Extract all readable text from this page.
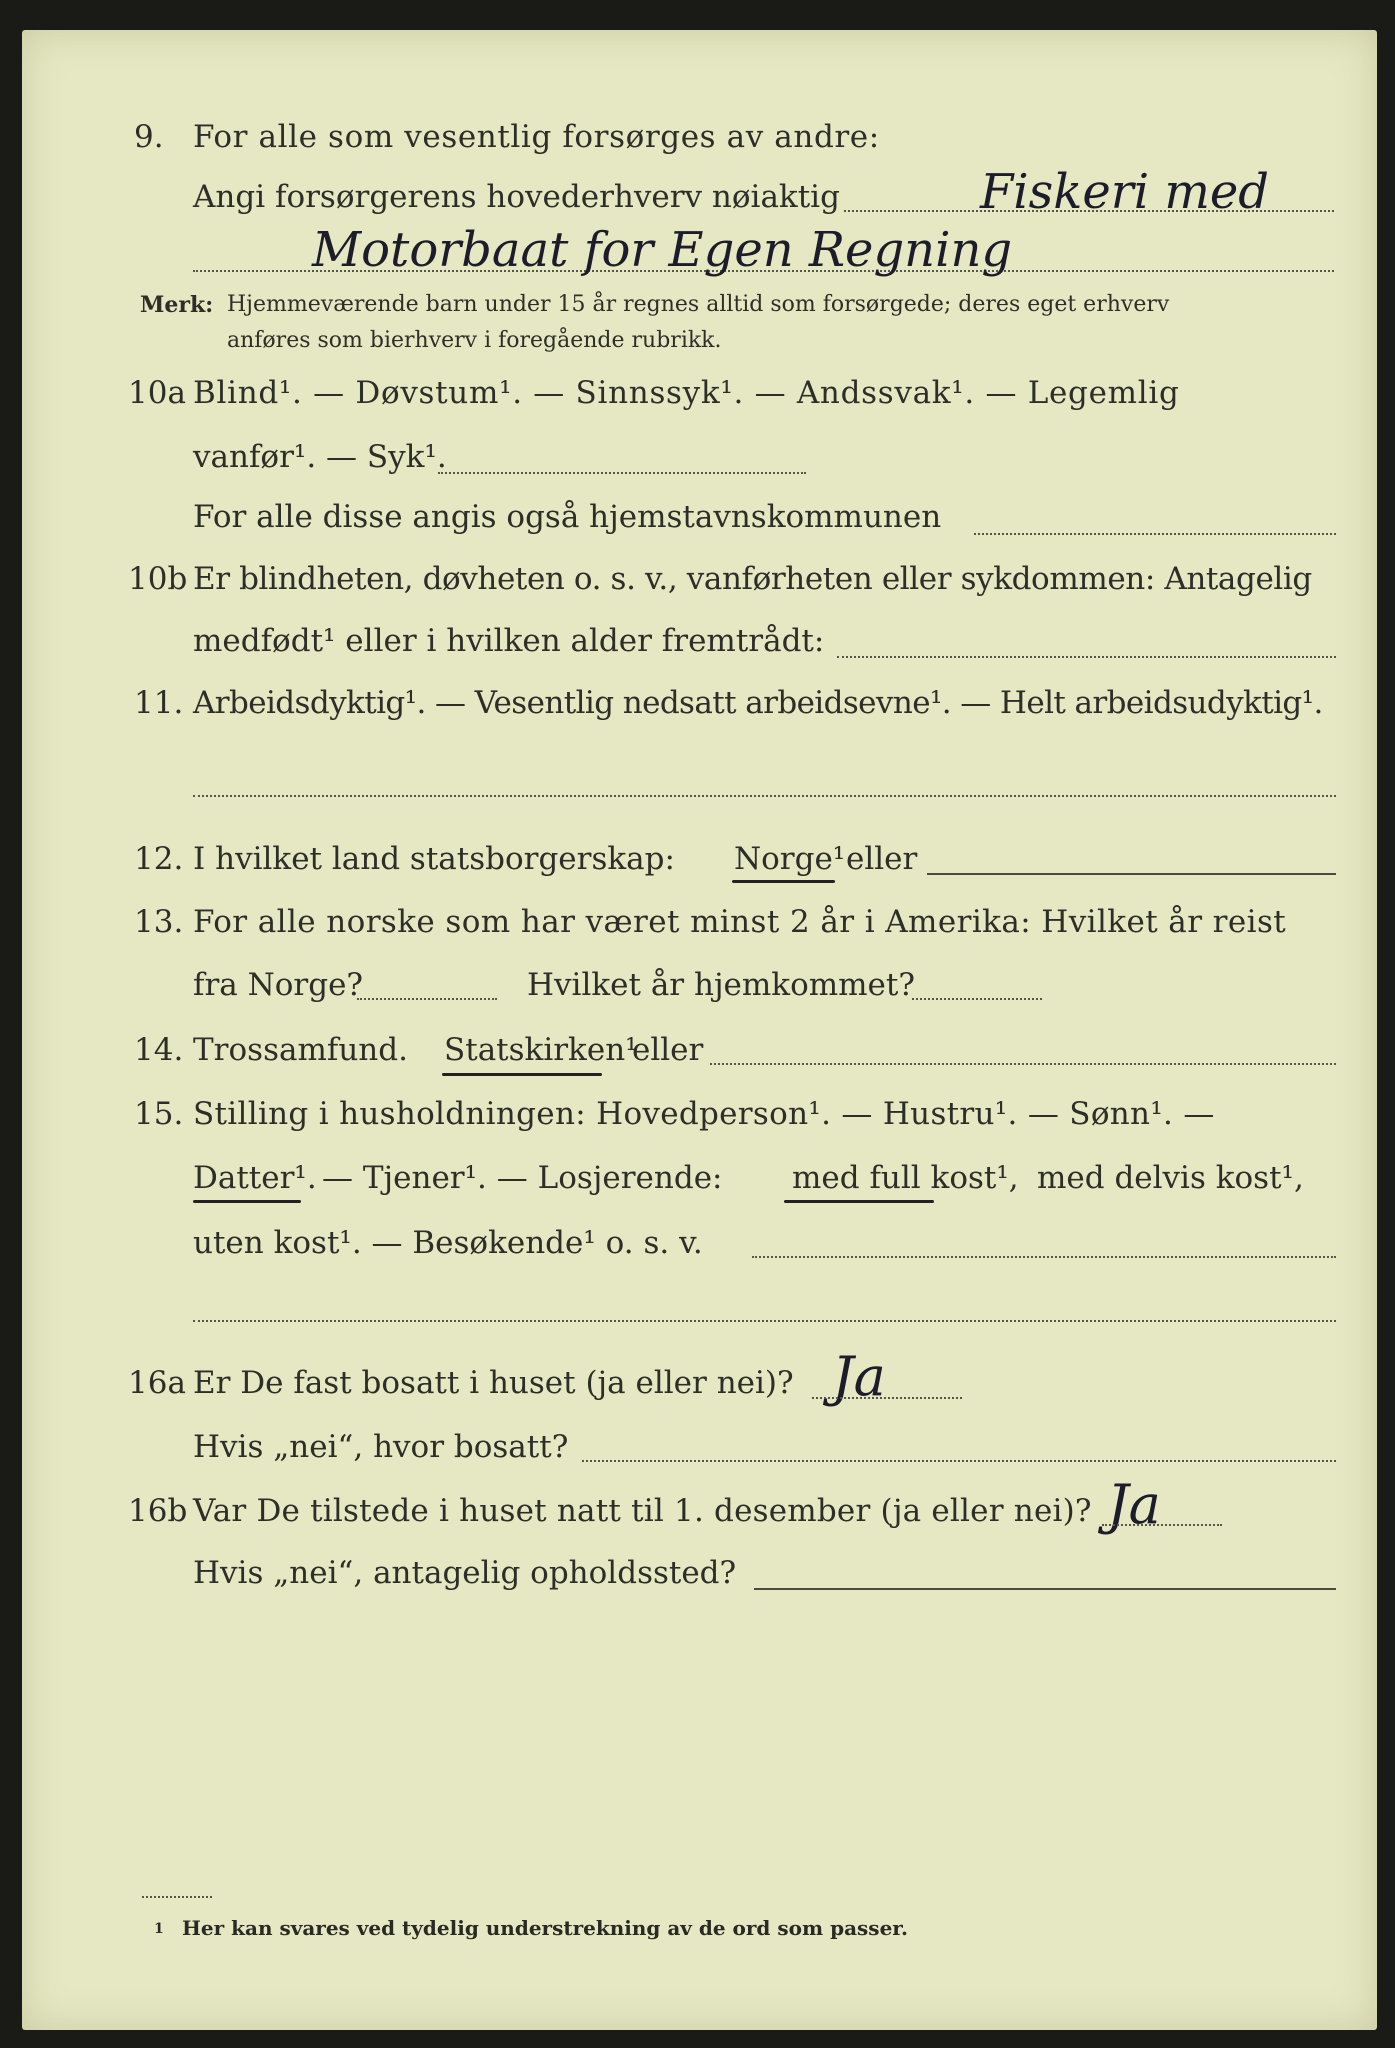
9. For alle som vesentlig forsørges av andre:
Angi forsørgerens hovederhverv nøiaktig	Fiskeri med
Motorbaat for Egen Regning
Merk: Hjemmeværende barn under 15 år regnes alltid som forsørgede; deres eget erhverv
anføres som bierhverv i foregående rubrikk.
10a Blind¹. — Døvstum¹. — Sinnssyk¹. — Andssvak¹. — Legemlig
vanfør¹. — Syk¹.
For alle disse angis også hjemstavnskommunen
10b Er blindheten, døvheten o. s. v., vanførheten eller sykdommen: Antagelig
medfødt¹ eller i hvilken alder fremtrådt:
11. Arbeidsdyktig¹. — Vesentlig nedsatt arbeidsevne¹. — Helt arbeidsudyktig¹.
12. I hvilket land statsborgerskap: Norge¹ eller
13. For alle norske som har været minst 2 år i Amerika: Hvilket år reist
fra Norge?	Hvilket år hjemkommet?
14. Trossamfund. Statskirken¹
eller
15. Stilling i husholdningen: Hovedperson¹. — Hustru¹. — Sønn¹. —
Datter¹. — Tjener¹. — Losjerende: med full kost¹, med delvis kost¹,
uten kost¹. — Besøkende¹ o. s. v.
16a Er De fast bosatt i huset (ja eller nei)? Ja
Hvis „nei“, hvor bosatt?
16b Var De tilstede i huset natt til 1. desember (ja eller nei)? Ja
Hvis „nei“, antagelig opholdssted?
1 Her kan svares ved tydelig understrekning av de ord som passer.
